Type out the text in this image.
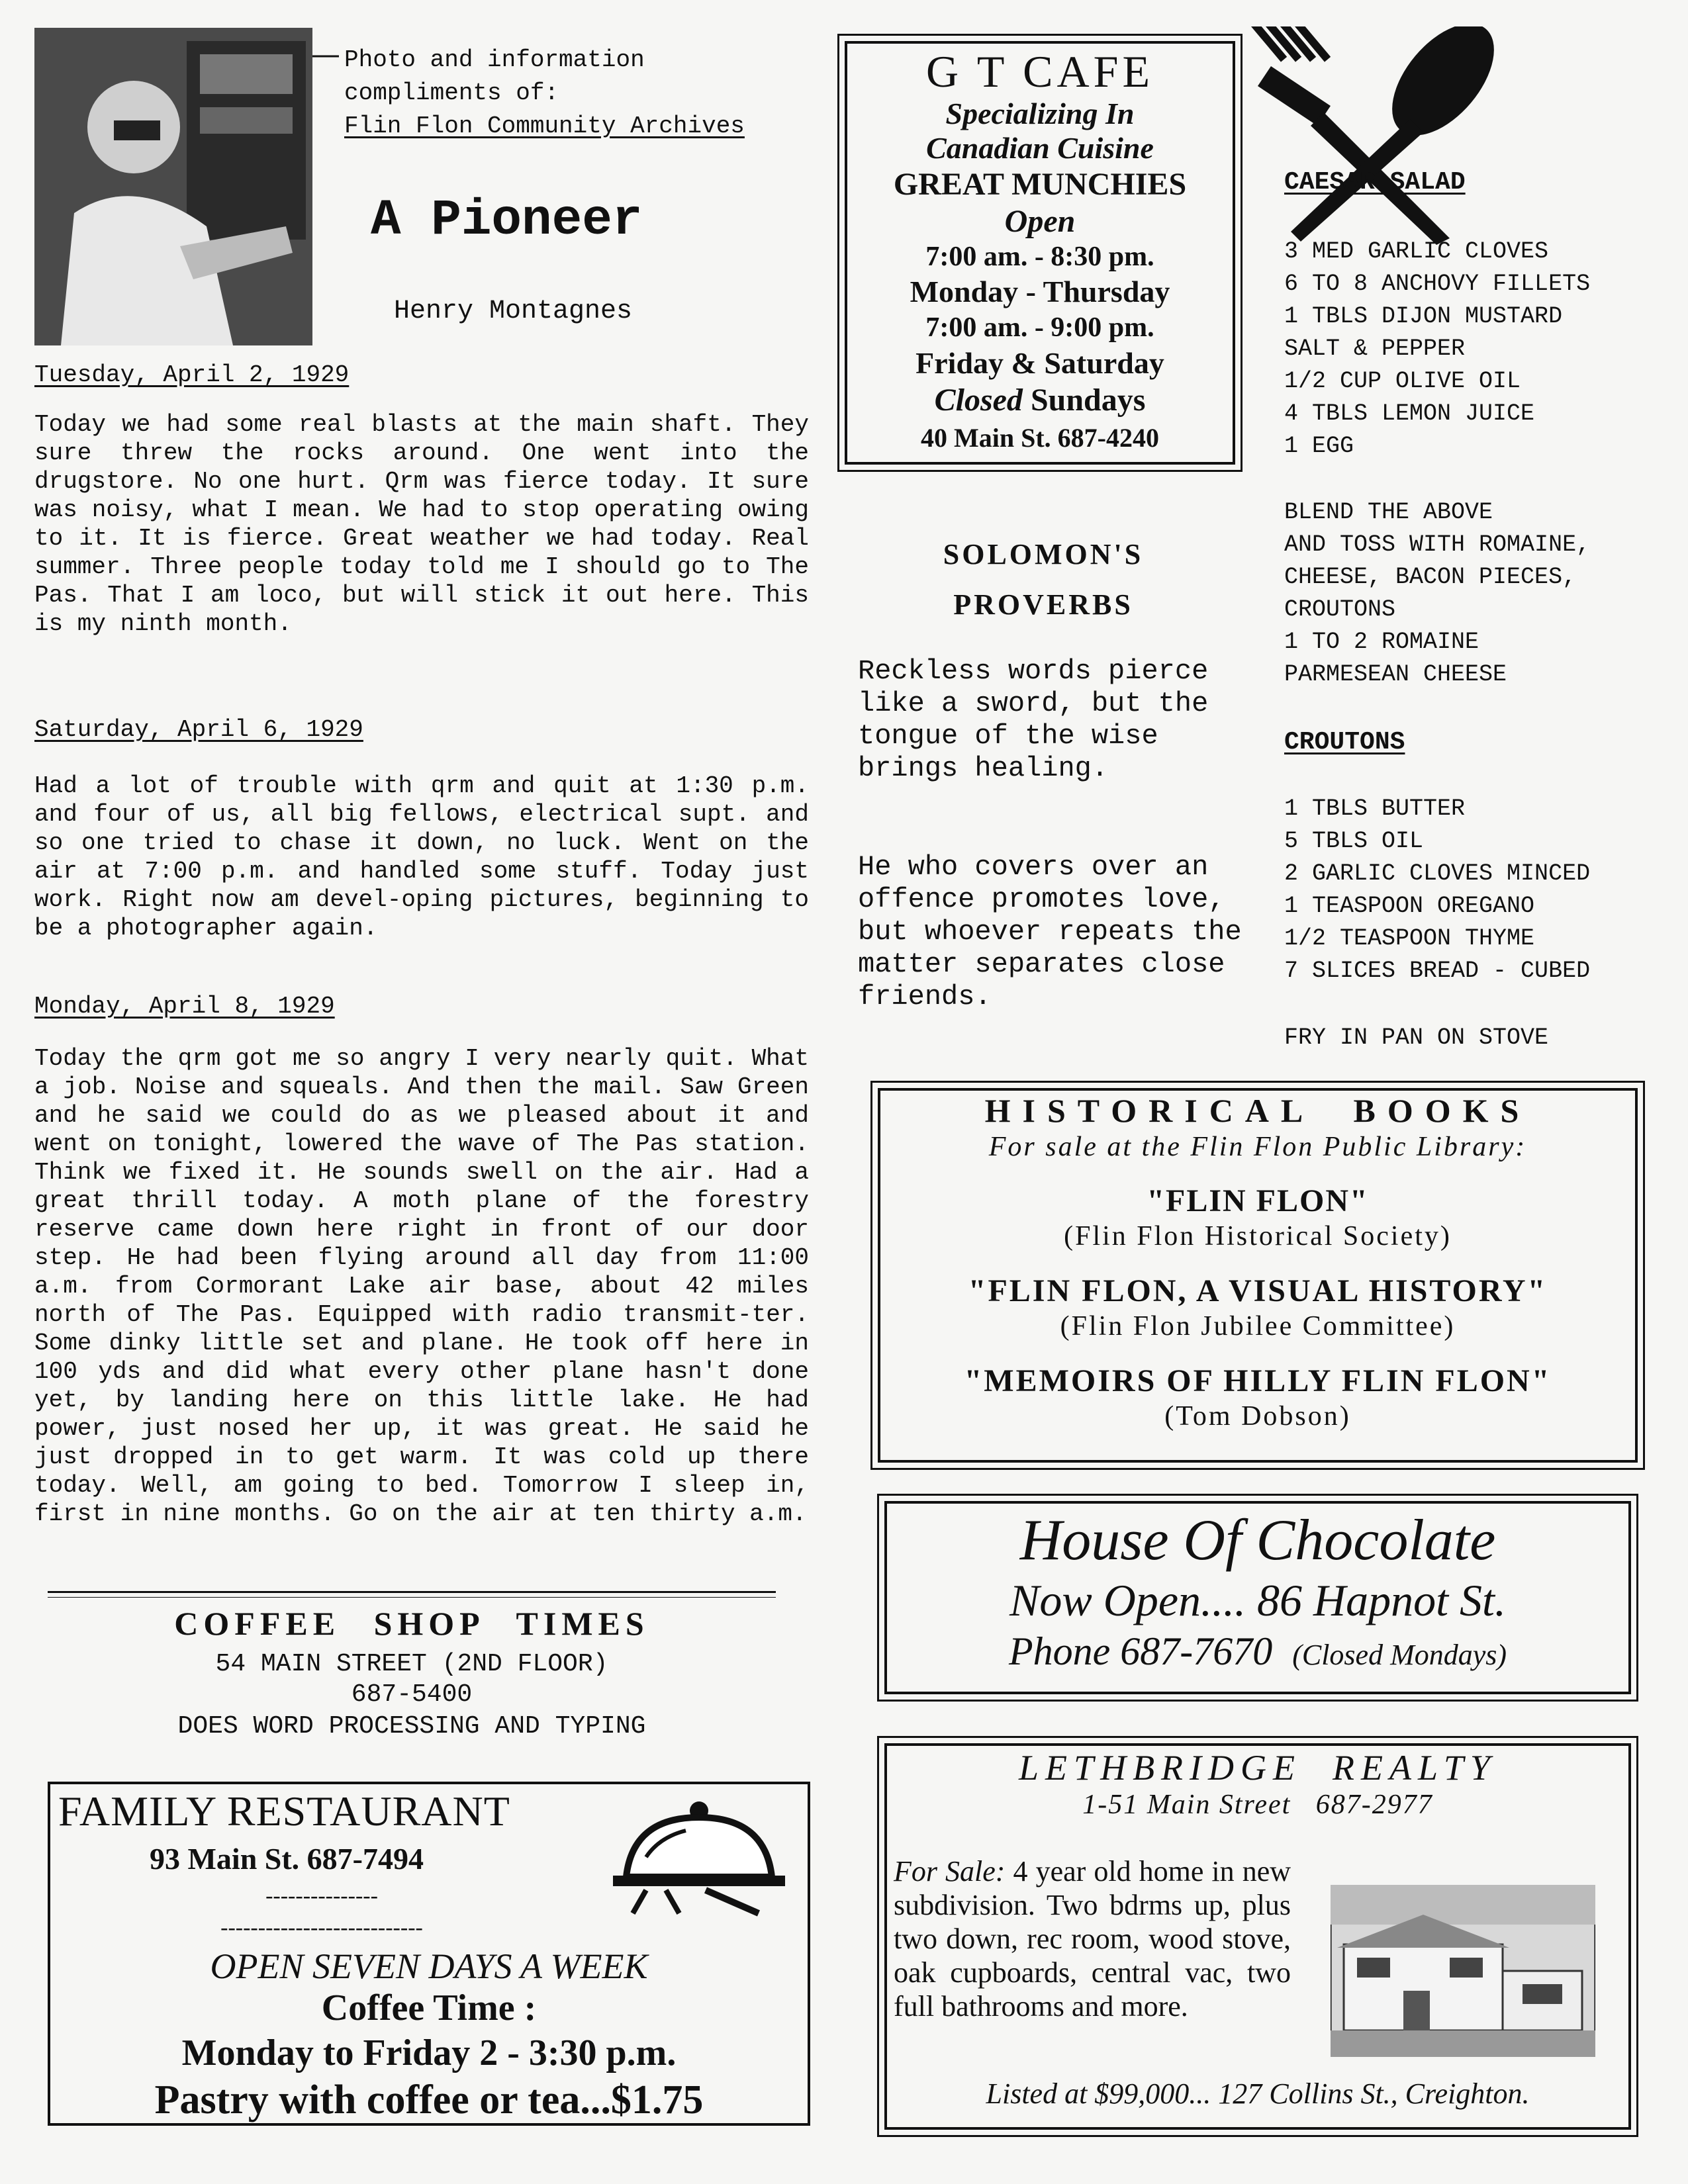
Photo and information
compliments of:
Flin Flon Community Archives
A Pioneer
Henry Montagnes
Tuesday, April 2, 1929
Today we had some real blasts at the main shaft. They sure threw the rocks around. One went into the drugstore. No one hurt. Qrm was fierce today. It sure was noisy, what I mean. We had to stop operating owing to it. It is fierce. Great weather we had today. Real summer. Three people today told me I should go to The Pas. That I am loco, but will stick it out here. This is my ninth month.
Saturday, April 6, 1929
Had a lot of trouble with qrm and quit at 1:30 p.m. and four of us, all big fellows, electrical supt. and so one tried to chase it down, no luck. Went on the air at 7:00 p.m. and handled some stuff. Today just work. Right now am devel-oping pictures, beginning to be a photographer again.
Monday, April 8, 1929
Today the qrm got me so angry I very nearly quit. What a job. Noise and squeals. And then the mail. Saw Green and he said we could do as we pleased about it and went on tonight, lowered the wave of The Pas station. Think we fixed it. He sounds swell on the air. Had a great thrill today. A moth plane of the forestry reserve came down here right in front of our door step. He had been flying around all day from 11:00 a.m. from Cormorant Lake air base, about 42 miles north of The Pas. Equipped with radio transmit-ter. Some dinky little set and plane. He took off here in 100 yds and did what every other plane hasn't done yet, by landing here on this little lake. He had power, just nosed her up, it was great. He said he just dropped in to get warm. It was cold up there today. Well, am going to bed. Tomorrow I sleep in, first in nine months. Go on the air at ten thirty a.m.
COFFEE SHOP TIMES
54 MAIN STREET (2ND FLOOR)
687-5400
DOES WORD PROCESSING AND TYPING
FAMILY RESTAURANT
93 Main St. 687-7494
---------------
---------------------------
OPEN SEVEN DAYS A WEEK
Coffee Time :
Monday to Friday 2 - 3:30 p.m.
Pastry with coffee or tea...$1.75
G T CAFE
Specializing In
Canadian Cuisine
GREAT MUNCHIES
Open
7:00 am. - 8:30 pm.
Monday - Thursday
7:00 am. - 9:00 pm.
Friday & Saturday
Closed Sundays
40 Main St. 687-4240
SOLOMON'S
PROVERBS
Reckless words pierce like a sword, but the tongue of the wise brings healing.
He who covers over an offence promotes love, but whoever repeats the matter separates close friends.
CAESAR SALAD
3 MED GARLIC CLOVES
6 TO 8 ANCHOVY FILLETS
1 TBLS DIJON MUSTARD
SALT & PEPPER
1/2 CUP OLIVE OIL
4 TBLS LEMON JUICE
1 EGG
BLEND THE ABOVE
AND TOSS WITH ROMAINE,
CHEESE, BACON PIECES,
CROUTONS
1 TO 2 ROMAINE
PARMESEAN CHEESE
CROUTONS
1 TBLS BUTTER
5 TBLS OIL
2 GARLIC CLOVES MINCED
1 TEASPOON OREGANO
1/2 TEASPOON THYME
7 SLICES BREAD - CUBED
FRY IN PAN ON STOVE
HISTORICAL  BOOKS
For sale at the Flin Flon Public Library:
"FLIN FLON"
(Flin Flon Historical Society)
"FLIN FLON, A VISUAL HISTORY"
(Flin Flon Jubilee Committee)
"MEMOIRS OF HILLY FLIN FLON"
(Tom Dobson)
House Of Chocolate
Now Open.... 86 Hapnot St.
Phone 687-7670 (Closed Mondays)
LETHBRIDGE  REALTY
1-51 Main Street   687-2977
For Sale: 4 year old home in new subdivision. Two bdrms up, plus two down, rec room, wood stove, oak cupboards, central vac, two full bathrooms and more.
Listed at $99,000... 127 Collins St., Creighton.
